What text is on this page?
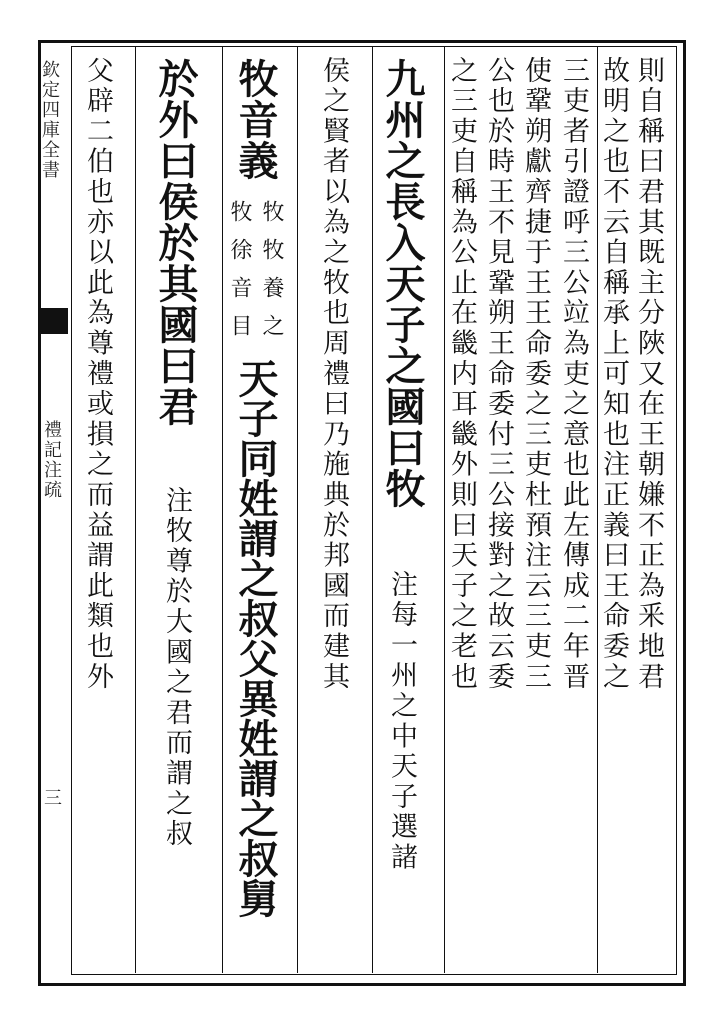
欽定四庫全書
禮記注疏
三
則自稱曰君其既主分陜又在王朝嫌不正為釆地君
故明之也不云自稱承上可知也注正義曰王命委之
三吏者引證呼三公竝為吏之意也此左傳成二年晋
使鞏朔獻齊捷于王王命委之三吏杜預注云三吏三
公也於時王不見鞏朔王命委付三公接對之故云委
之三吏自稱為公止在畿内耳畿外則曰天子之老也
九州之長入天子之國曰牧
注每一州之中天子選諸
侯之賢者以為之牧也周禮曰乃施典於邦國而建其
牧音義
牧牧養之
牧徐音目
天子同姓謂之叔父異姓謂之叔舅
於外曰侯於其國曰君
注牧尊於大國之君而謂之叔
父辟二伯也亦以此為尊禮或損之而益謂此類也外
